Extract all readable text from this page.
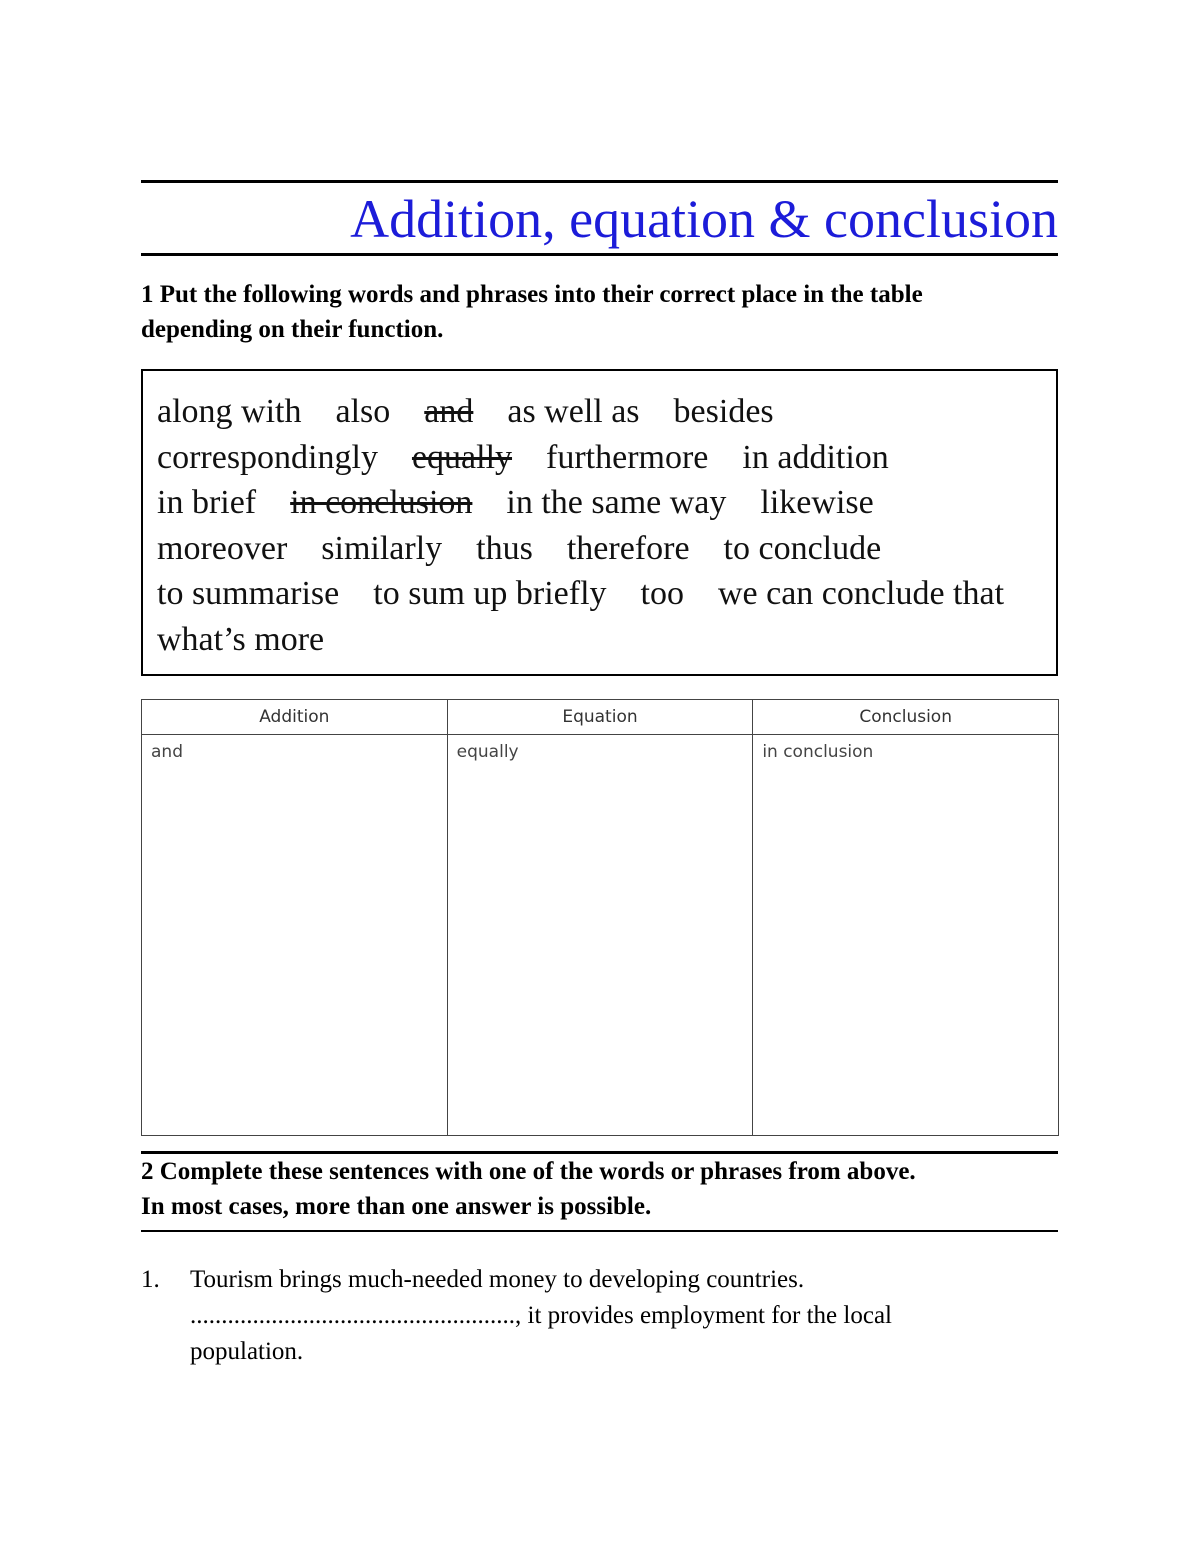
Addition, equation & conclusion
1 Put the following words and phrases into their correct place in the table
depending on their function.
along with also and as well as besides    correspondingly equally furthermore in addition    in brief in conclusion in the same way likewise    moreover similarly thus therefore to conclude    to summarise to sum up briefly too we can conclude that    what’s more
Addition	Equation	Conclusion
and	equally	in conclusion
2 Complete these sentences with one of the words or phrases from above.
In most cases, more than one answer is possible.
1. Tourism brings much-needed money to developing countries.
...................................................., it provides employment for the local
population.
